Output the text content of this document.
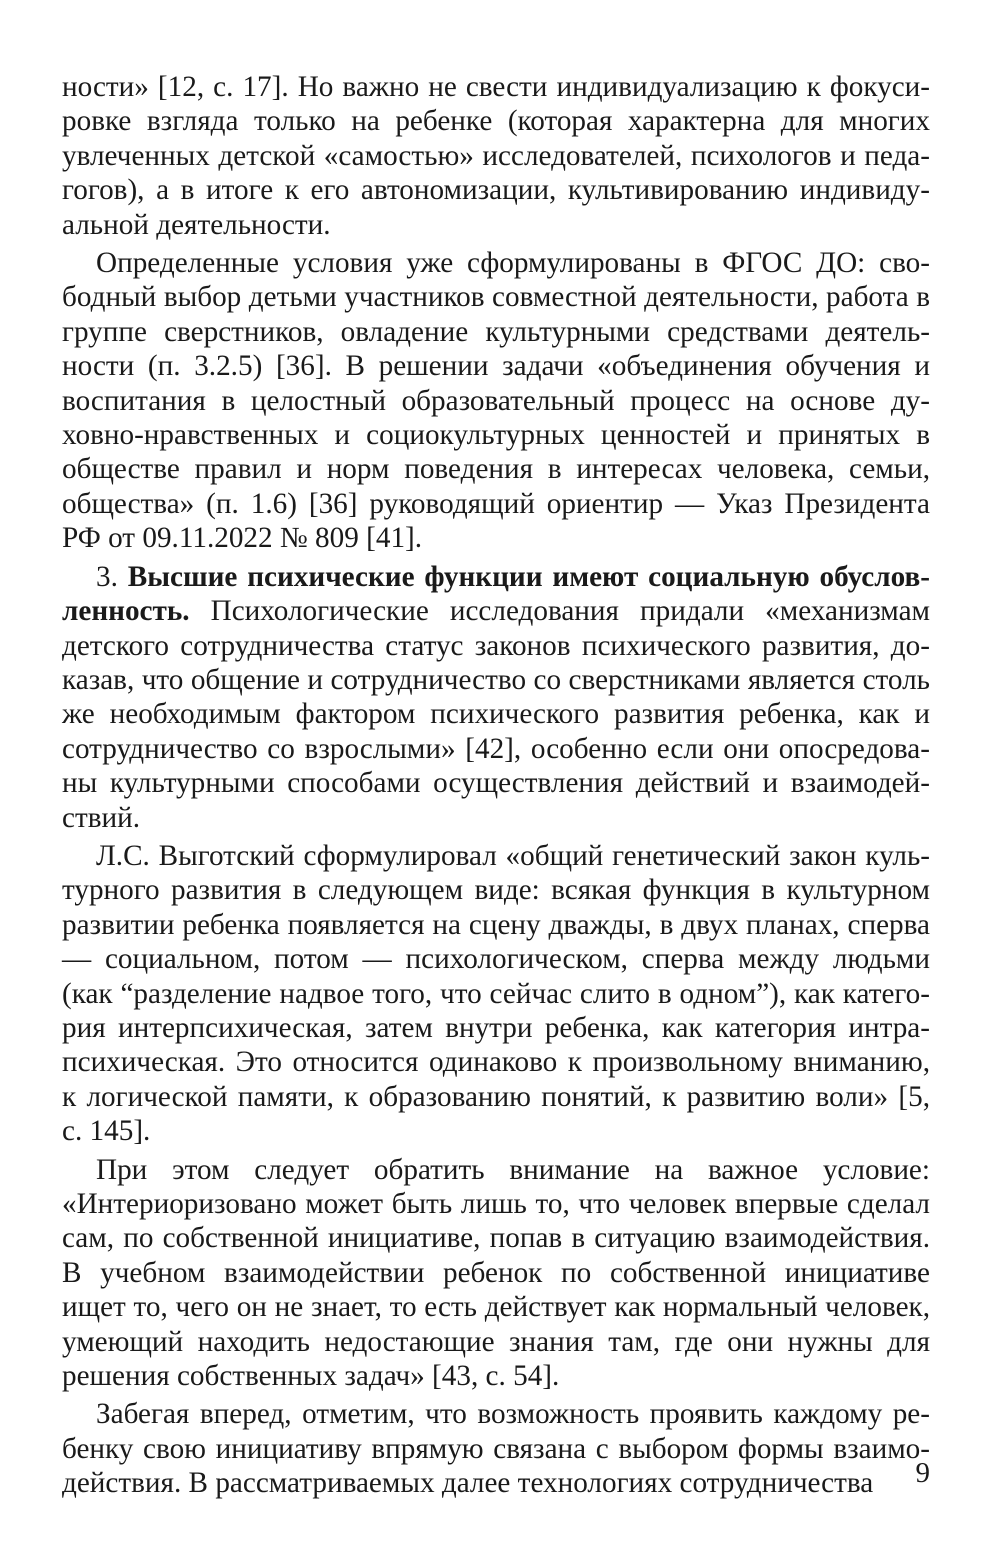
ности» [12, с. 17]. Но важно не свести индивидуализацию к фокусировке взгляда только на ребенке (которая характерна для многих увлеченных детской «самостью» исследователей, психологов и педагогов), а в итоге к его автономизации, культивированию индивидуальной деятельности.

Определенные условия уже сформулированы в ФГОС ДО: свободный выбор детьми участников совместной деятельности, работа в группе сверстников, овладение культурными средствами деятельности (п. 3.2.5) [36]. В решении задачи «объединения обучения и воспитания в целостный образовательный процесс на основе духовно-нравственных и социокультурных ценностей и принятых в обществе правил и норм поведения в интересах человека, семьи, общества» (п. 1.6) [36] руководящий ориентир — Указ Президента РФ от 09.11.2022 № 809 [41].

3. Высшие психические функции имеют социальную обусловленность. Психологические исследования придали «механизмам детского сотрудничества статус законов психического развития, доказав, что общение и сотрудничество со сверстниками является столь же необходимым фактором психического развития ребенка, как и сотрудничество со взрослыми» [42], особенно если они опосредованы культурными способами осуществления действий и взаимодействий.

Л.С. Выготский сформулировал «общий генетический закон культурного развития в следующем виде: всякая функция в культурном развитии ребенка появляется на сцену дважды, в двух планах, сперва — социальном, потом — психологическом, сперва между людьми (как “разделение надвое того, что сейчас слито в одном”), как категория интерпсихическая, затем внутри ребенка, как категория интрапсихическая. Это относится одинаково к произвольному вниманию, к логической памяти, к образованию понятий, к развитию воли» [5, с. 145].

При этом следует обратить внимание на важное условие: «Интериоризовано может быть лишь то, что человек впервые сделал сам, по собственной инициативе, попав в ситуацию взаимодействия. В учебном взаимодействии ребенок по собственной инициативе ищет то, чего он не знает, то есть действует как нормальный человек, умеющий находить недостающие знания там, где они нужны для решения собственных задач» [43, с. 54].

Забегая вперед, отметим, что возможность проявить каждому ребенку свою инициативу впрямую связана с выбором формы взаимодействия. В рассматриваемых далее технологиях сотрудничества	9
